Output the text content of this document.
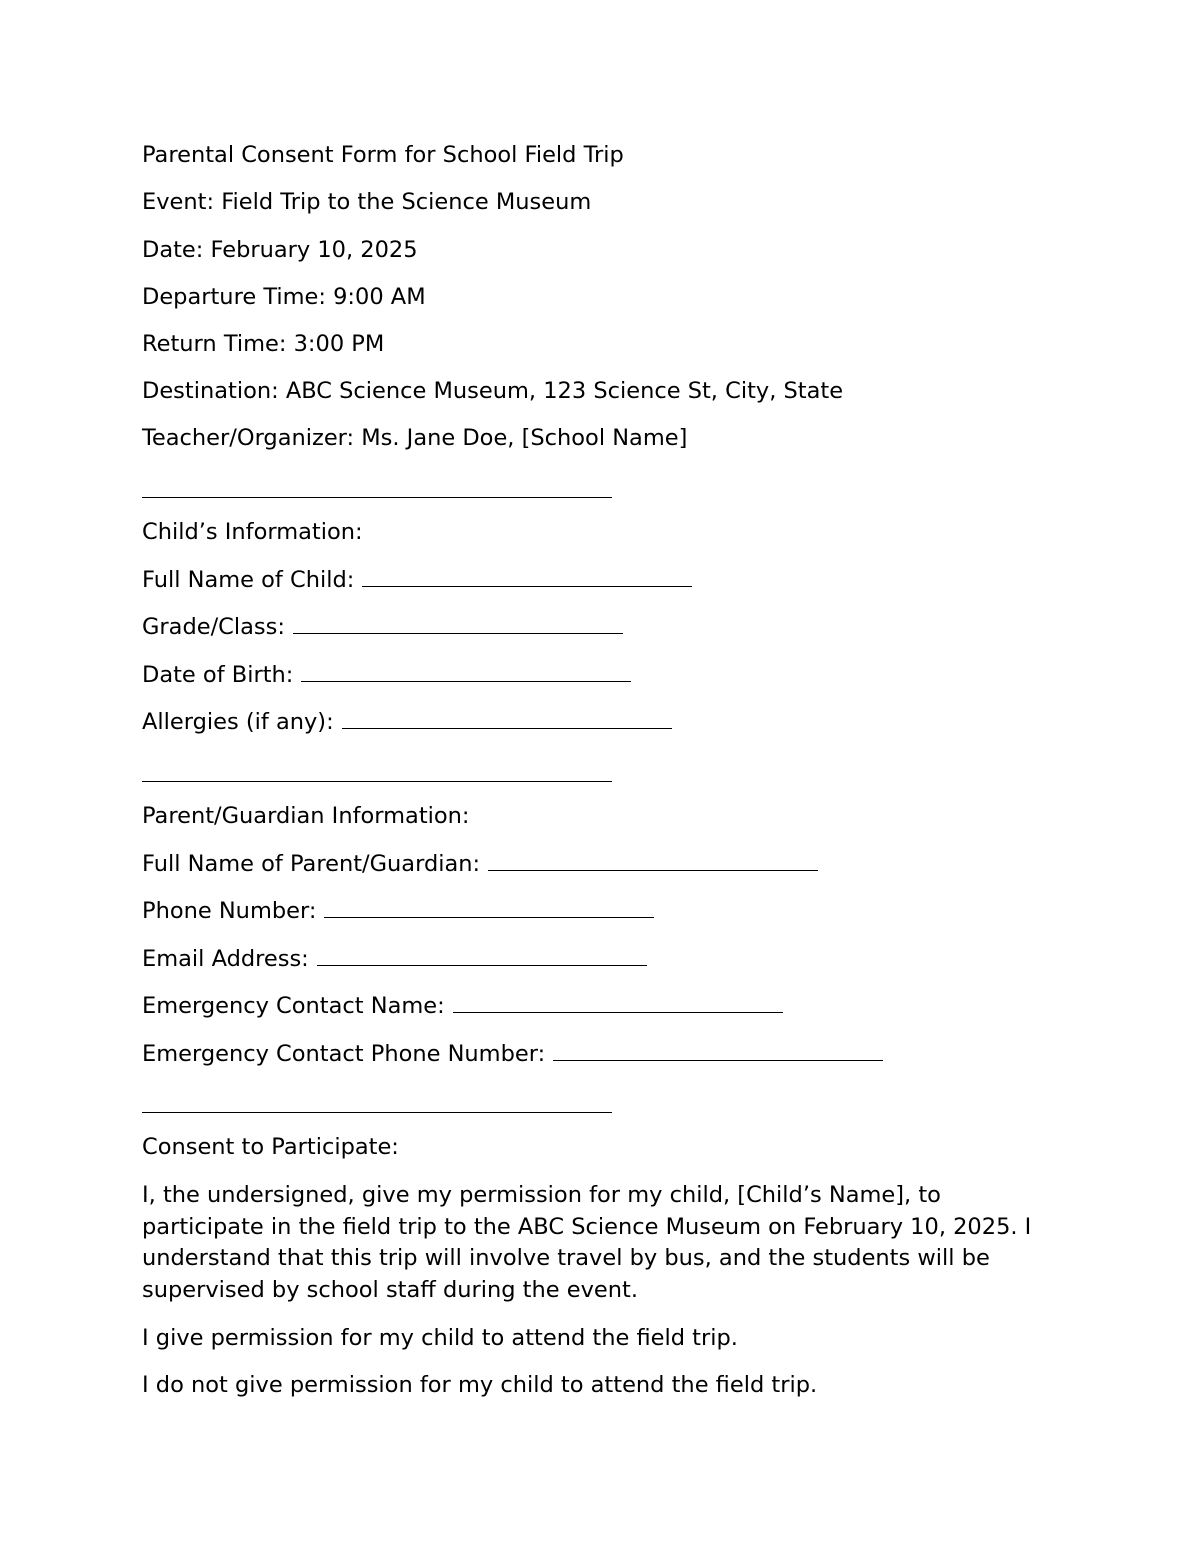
Parental Consent Form for School Field Trip
Event: Field Trip to the Science Museum
Date: February 10, 2025
Departure Time: 9:00 AM
Return Time: 3:00 PM
Destination: ABC Science Museum, 123 Science St, City, State
Teacher/Organizer: Ms. Jane Doe, [School Name]
Child’s Information:
Full Name of Child:
Grade/Class:
Date of Birth:
Allergies (if any):
Parent/Guardian Information:
Full Name of Parent/Guardian:
Phone Number:
Email Address:
Emergency Contact Name:
Emergency Contact Phone Number:
Consent to Participate:
I, the undersigned, give my permission for my child, [Child’s Name], to participate in the field trip to the ABC Science Museum on February 10, 2025. I understand that this trip will involve travel by bus, and the students will be supervised by school staff during the event.
I give permission for my child to attend the field trip.
I do not give permission for my child to attend the field trip.
